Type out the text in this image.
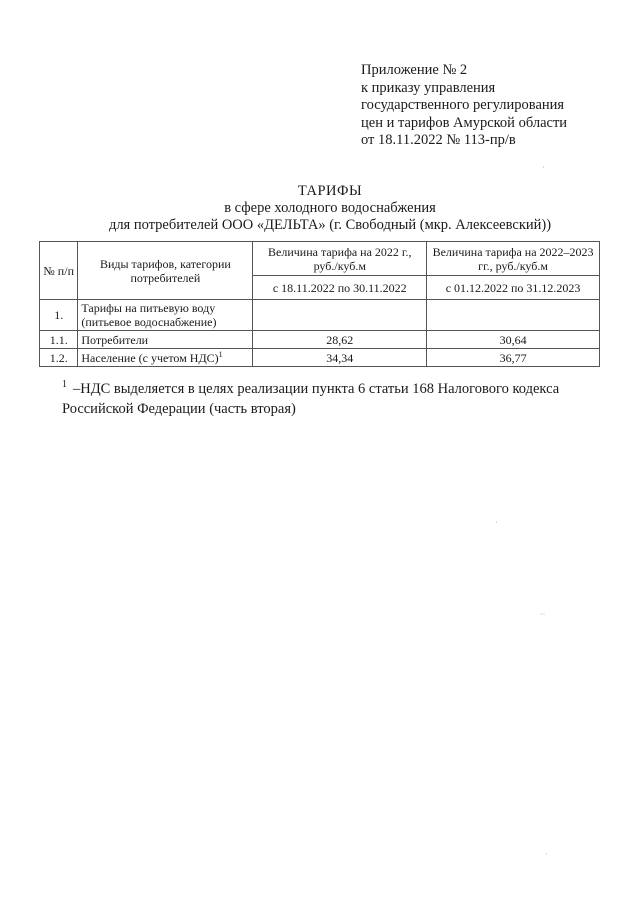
Приложение № 2
к приказу управления
государственного регулирования
цен и тарифов Амурской области
от 18.11.2022 № 113-пр/в
ТАРИФЫ
в сфере холодного водоснабжения
для потребителей ООО «ДЕЛЬТА» (г. Свободный (мкр. Алексеевский))
№ п/п	Виды тарифов, категории потребителей	Величина тарифа на 2022 г., руб./куб.м	Величина тарифа на 2022–2023 гг., руб./куб.м
		с 18.11.2022 по 30.11.2022	с 01.12.2022 по 31.12.2023
1.	Тарифы на питьевую воду (питьевое водоснабжение)		
1.1.	Потребители	28,62	30,64
1.2.	Население (с учетом НДС)$^1$	34,34	36,77
$^1$ –НДС выделяется в целях реализации пункта 6 статьи 168 Налогового кодекса Российской Федерации (часть вторая)
·
·
··
·
